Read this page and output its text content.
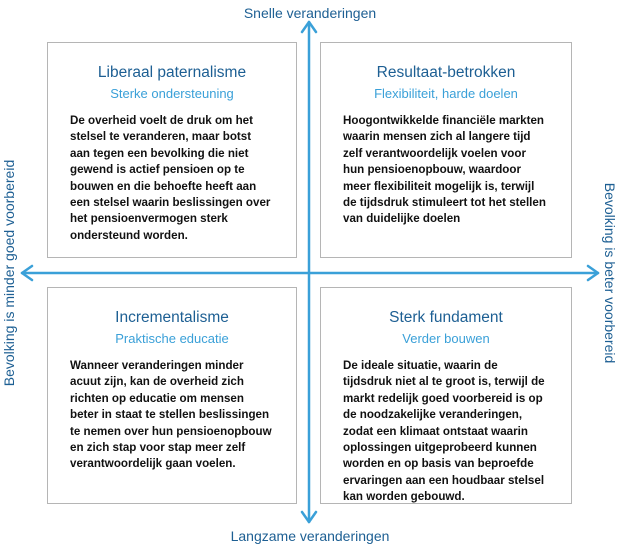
Snelle veranderingen
Langzame veranderingen
Bevolking is minder goed voorbereid	Bevolking is beter voorbereid
Liberaal paternalisme
Sterke ondersteuning

De overheid voelt de druk om het stelsel te veranderen, maar botst aan tegen een bevolking die niet gewend is actief pensioen op te bouwen en die behoefte heeft aan een stelsel waarin beslissingen over het pensioenvermogen sterk ondersteund worden.

Resultaat-betrokken
Flexibiliteit, harde doelen

Hoogontwikkelde financiële markten waarin mensen zich al langere tijd zelf verantwoordelijk voelen voor hun pensioenopbouw, waardoor meer flexibiliteit mogelijk is, terwijl de tijdsdruk stimuleert tot het stellen van duidelijke doelen

Incrementalisme
Praktische educatie

Wanneer veranderingen minder acuut zijn, kan de overheid zich richten op educatie om mensen beter in staat te stellen beslissingen te nemen over hun pensioenopbouw en zich stap voor stap meer zelf verantwoordelijk gaan voelen.

Sterk fundament
Verder bouwen

De ideale situatie, waarin de tijdsdruk niet al te groot is, terwijl de markt redelijk goed voorbereid is op de noodzakelijke veranderingen, zodat een klimaat ontstaat waarin oplossingen uitgeprobeerd kunnen worden en op basis van beproefde ervaringen aan een houdbaar stelsel kan worden gebouwd.
